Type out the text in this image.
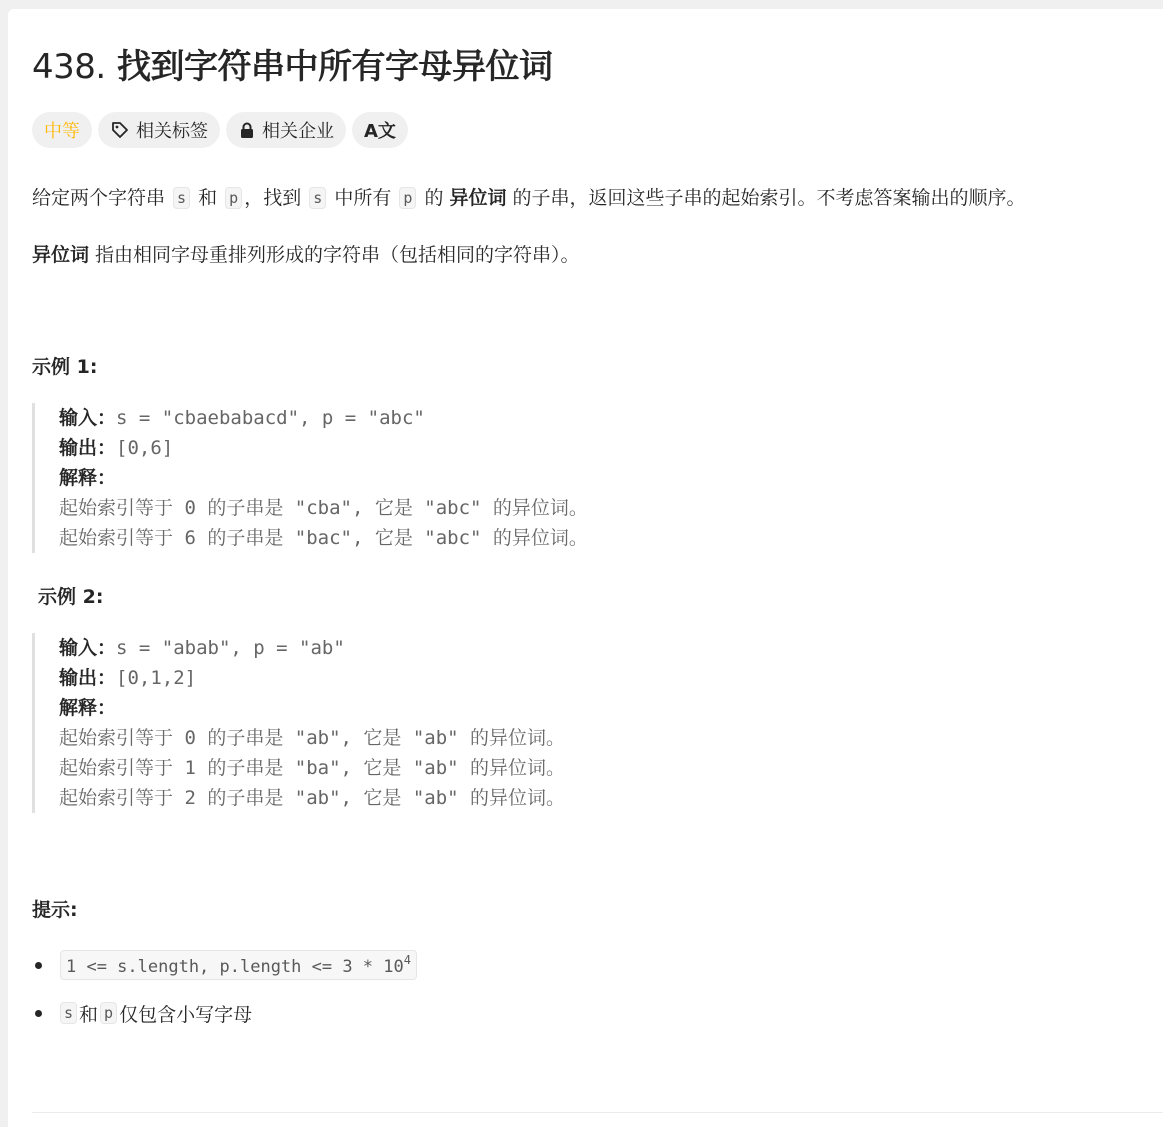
438. 找到字符串中所有字母异位词
中等	相关标签	相关企业 A文
给定两个字符串 s 和 p ，找到 s 中所有 p 的 异位词 的子串，返回这些子串的起始索引。不考虑答案输出的顺序。
异位词 指由相同字母重排列形成的字符串（包括相同的字符串）。
示例 1:
输入：s = "cbaebabacd", p = "abc"
输出：[0,6]
解释：
起始索引等于 0 的子串是 "cba", 它是 "abc" 的异位词。
起始索引等于 6 的子串是 "bac", 它是 "abc" 的异位词。
示例 2:
输入：s = "abab", p = "ab"
输出：[0,1,2]
解释：
起始索引等于 0 的子串是 "ab", 它是 "ab" 的异位词。
起始索引等于 1 的子串是 "ba", 它是 "ab" 的异位词。
起始索引等于 2 的子串是 "ab", 它是 "ab" 的异位词。
提示:
1 <= s.length, p.length <= $3 * 10^4$
s 和 p 仅包含小写字母
